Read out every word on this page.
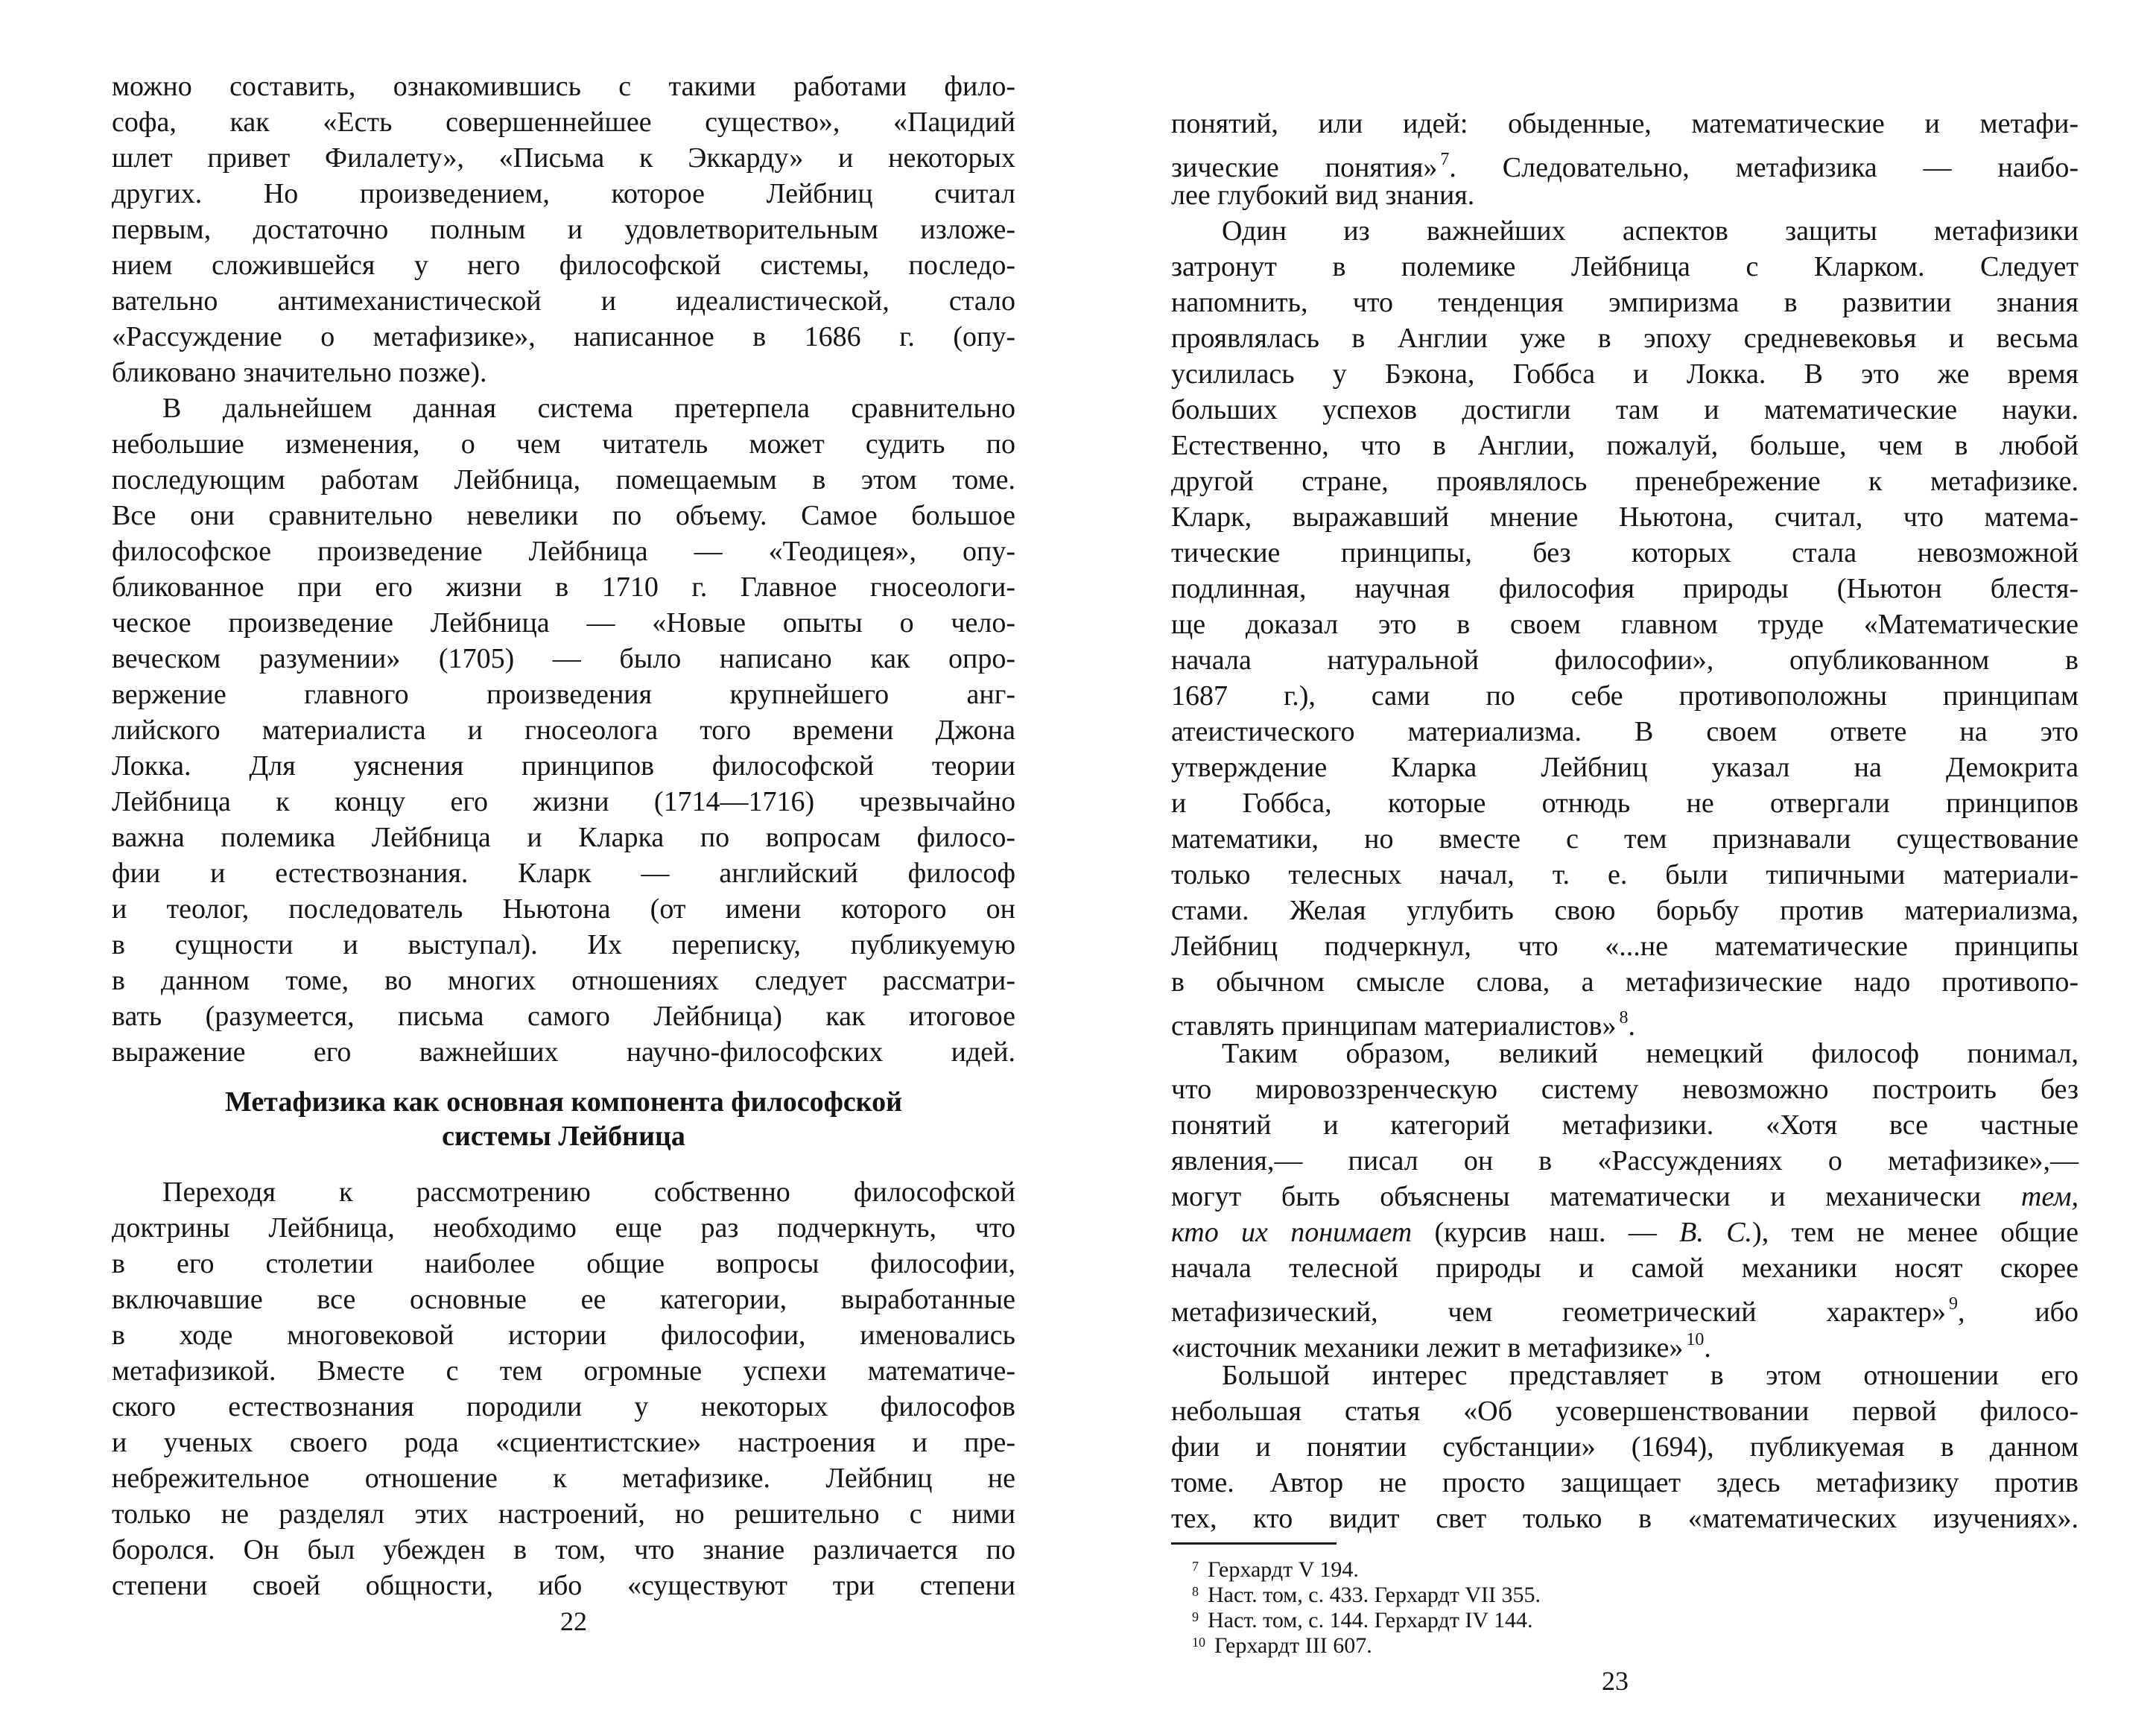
можно составить, ознакомившись с такими работами фило-

софа, как «Есть совершеннейшее существо», «Пацидий

шлет привет Филалету», «Письма к Эккарду» и некоторых

других. Но произведением, которое Лейбниц считал

первым, достаточно полным и удовлетворительным изложе-

нием сложившейся у него философской системы, последо-

вательно антимеханистической и идеалистической, стало

«Рассуждение о метафизике», написанное в 1686 г. (опу-

бликовано значительно позже).

В дальнейшем данная система претерпела сравнительно

небольшие изменения, о чем читатель может судить по

последующим работам Лейбница, помещаемым в этом томе.

Все они сравнительно невелики по объему. Самое большое

философское произведение Лейбница — «Теодицея», опу-

бликованное при его жизни в 1710 г. Главное гносеологи-

ческое произведение Лейбница — «Новые опыты о чело-

веческом разумении» (1705) — было написано как опро-

вержение главного произведения крупнейшего анг-

лийского материалиста и гносеолога того времени Джона

Локка. Для уяснения принципов философской теории

Лейбница к концу его жизни (1714—1716) чрезвычайно

важна полемика Лейбница и Кларка по вопросам филосо-

фии и естествознания. Кларк — английский философ

и теолог, последователь Ньютона (от имени которого он

в сущности и выступал). Их переписку, публикуемую

в данном томе, во многих отношениях следует рассматри-

вать (разумеется, письма самого Лейбница) как итоговое

выражение его важнейших научно-философских идей.

Метафизика как основная компонента философской
системы Лейбница

Переходя к рассмотрению собственно философской

доктрины Лейбница, необходимо еще раз подчеркнуть, что

в его столетии наиболее общие вопросы философии,

включавшие все основные ее категории, выработанные

в ходе многовековой истории философии, именовались

метафизикой. Вместе с тем огромные успехи математиче-

ского естествознания породили у некоторых философов

и ученых своего рода «сциентистские» настроения и пре-

небрежительное отношение к метафизике. Лейбниц не

только не разделял этих настроений, но решительно с ними

боролся. Он был убежден в том, что знание различается по

степени своей общности, ибо «существуют три степени

22

понятий, или идей: обыденные, математические и метафи-

зические понятия» $^7$. Следовательно, метафизика — наибо-

лее глубокий вид знания.

Один из важнейших аспектов защиты метафизики

затронут в полемике Лейбница с Кларком. Следует

напомнить, что тенденция эмпиризма в развитии знания

проявлялась в Англии уже в эпоху средневековья и весьма

усилилась у Бэкона, Гоббса и Локка. В это же время

больших успехов достигли там и математические науки.

Естественно, что в Англии, пожалуй, больше, чем в любой

другой стране, проявлялось пренебрежение к метафизике.

Кларк, выражавший мнение Ньютона, считал, что матема-

тические принципы, без которых стала невозможной

подлинная, научная философия природы (Ньютон блестя-

ще доказал это в своем главном труде «Математические

начала натуральной философии», опубликованном в

1687 г.), сами по себе противоположны принципам

атеистического материализма. В своем ответе на это

утверждение Кларка Лейбниц указал на Демокрита

и Гоббса, которые отнюдь не отвергали принципов

математики, но вместе с тем признавали существование

только телесных начал, т. е. были типичными материали-

стами. Желая углубить свою борьбу против материализма,

Лейбниц подчеркнул, что «...не математические принципы

в обычном смысле слова, а метафизические надо противопо-

ставлять принципам материалистов» $^8$.

Таким образом, великий немецкий философ понимал,

что мировоззренческую систему невозможно построить без

понятий и категорий метафизики. «Хотя все частные

явления,— писал он в «Рассуждениях о метафизике»,—

могут быть объяснены математически и механически тем,

кто их понимает (курсив наш. — В. С.), тем не менее общие

начала телесной природы и самой механики носят скорее

метафизический, чем геометрический характер» $^9$, ибо

«источник механики лежит в метафизике» $^{10}$.

Большой интерес представляет в этом отношении его

небольшая статья «Об усовершенствовании первой филосо-

фии и понятии субстанции» (1694), публикуемая в данном

томе. Автор не просто защищает здесь метафизику против

тех, кто видит свет только в «математических изучениях».

$^7$ Герхардт V 194.

$^8$ Наст. том, с. 433. Герхардт VII 355.

$^9$ Наст. том, с. 144. Герхардт IV 144.

$^{10}$ Герхардт III 607.

23
